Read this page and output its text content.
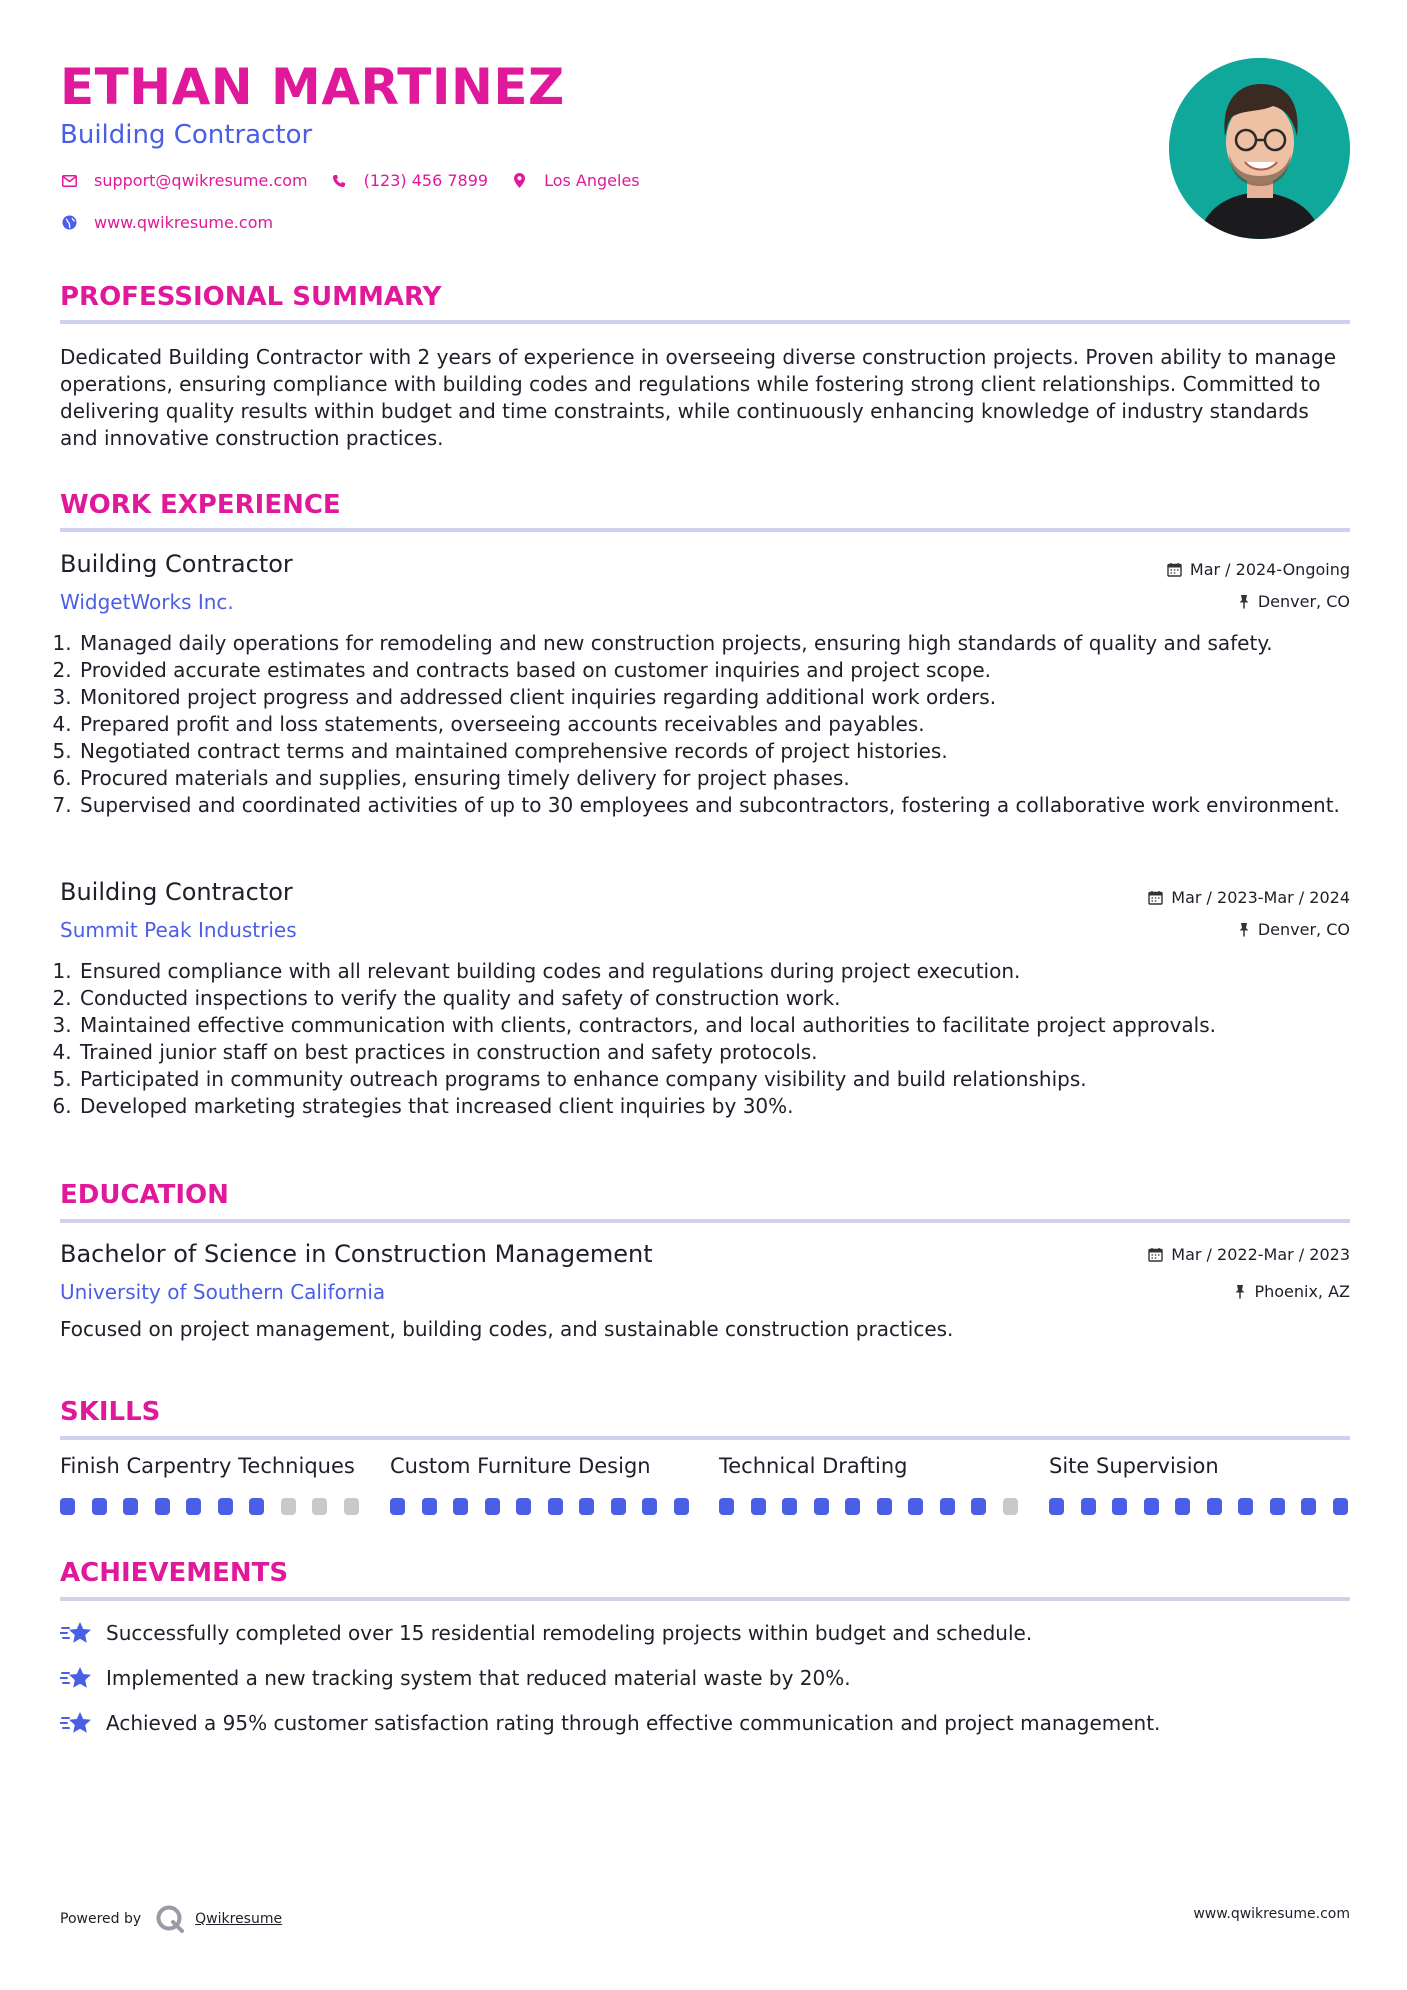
ETHAN MARTINEZ
Building Contractor
support@qwikresume.com	(123) 456 7899	Los Angeles
www.qwikresume.com
PROFESSIONAL SUMMARY
Dedicated Building Contractor with 2 years of experience in overseeing diverse construction projects. Proven ability to manage operations, ensuring compliance with building codes and regulations while fostering strong client relationships. Committed to delivering quality results within budget and time constraints, while continuously enhancing knowledge of industry standards and innovative construction practices.
WORK EXPERIENCE
Building Contractor
WidgetWorks Inc.
Mar / 2024-Ongoing
Denver, CO
1. Managed daily operations for remodeling and new construction projects, ensuring high standards of quality and safety.
2. Provided accurate estimates and contracts based on customer inquiries and project scope.
3. Monitored project progress and addressed client inquiries regarding additional work orders.
4. Prepared profit and loss statements, overseeing accounts receivables and payables.
5. Negotiated contract terms and maintained comprehensive records of project histories.
6. Procured materials and supplies, ensuring timely delivery for project phases.
7. Supervised and coordinated activities of up to 30 employees and subcontractors, fostering a collaborative work environment.
Building Contractor
Summit Peak Industries
Mar / 2023-Mar / 2024
Denver, CO
1. Ensured compliance with all relevant building codes and regulations during project execution.
2. Conducted inspections to verify the quality and safety of construction work.
3. Maintained effective communication with clients, contractors, and local authorities to facilitate project approvals.
4. Trained junior staff on best practices in construction and safety protocols.
5. Participated in community outreach programs to enhance company visibility and build relationships.
6. Developed marketing strategies that increased client inquiries by 30%.
EDUCATION
Bachelor of Science in Construction Management
University of Southern California
Mar / 2022-Mar / 2023
Phoenix, AZ
Focused on project management, building codes, and sustainable construction practices.
SKILLS
Finish Carpentry Techniques Custom Furniture Design	Technical Drafting	Site Supervision
ACHIEVEMENTS
Successfully completed over 15 residential remodeling projects within budget and schedule.
Implemented a new tracking system that reduced material waste by 20%.
Achieved a 95% customer satisfaction rating through effective communication and project management.
Powered by	Qwikresume	www.qwikresume.com
